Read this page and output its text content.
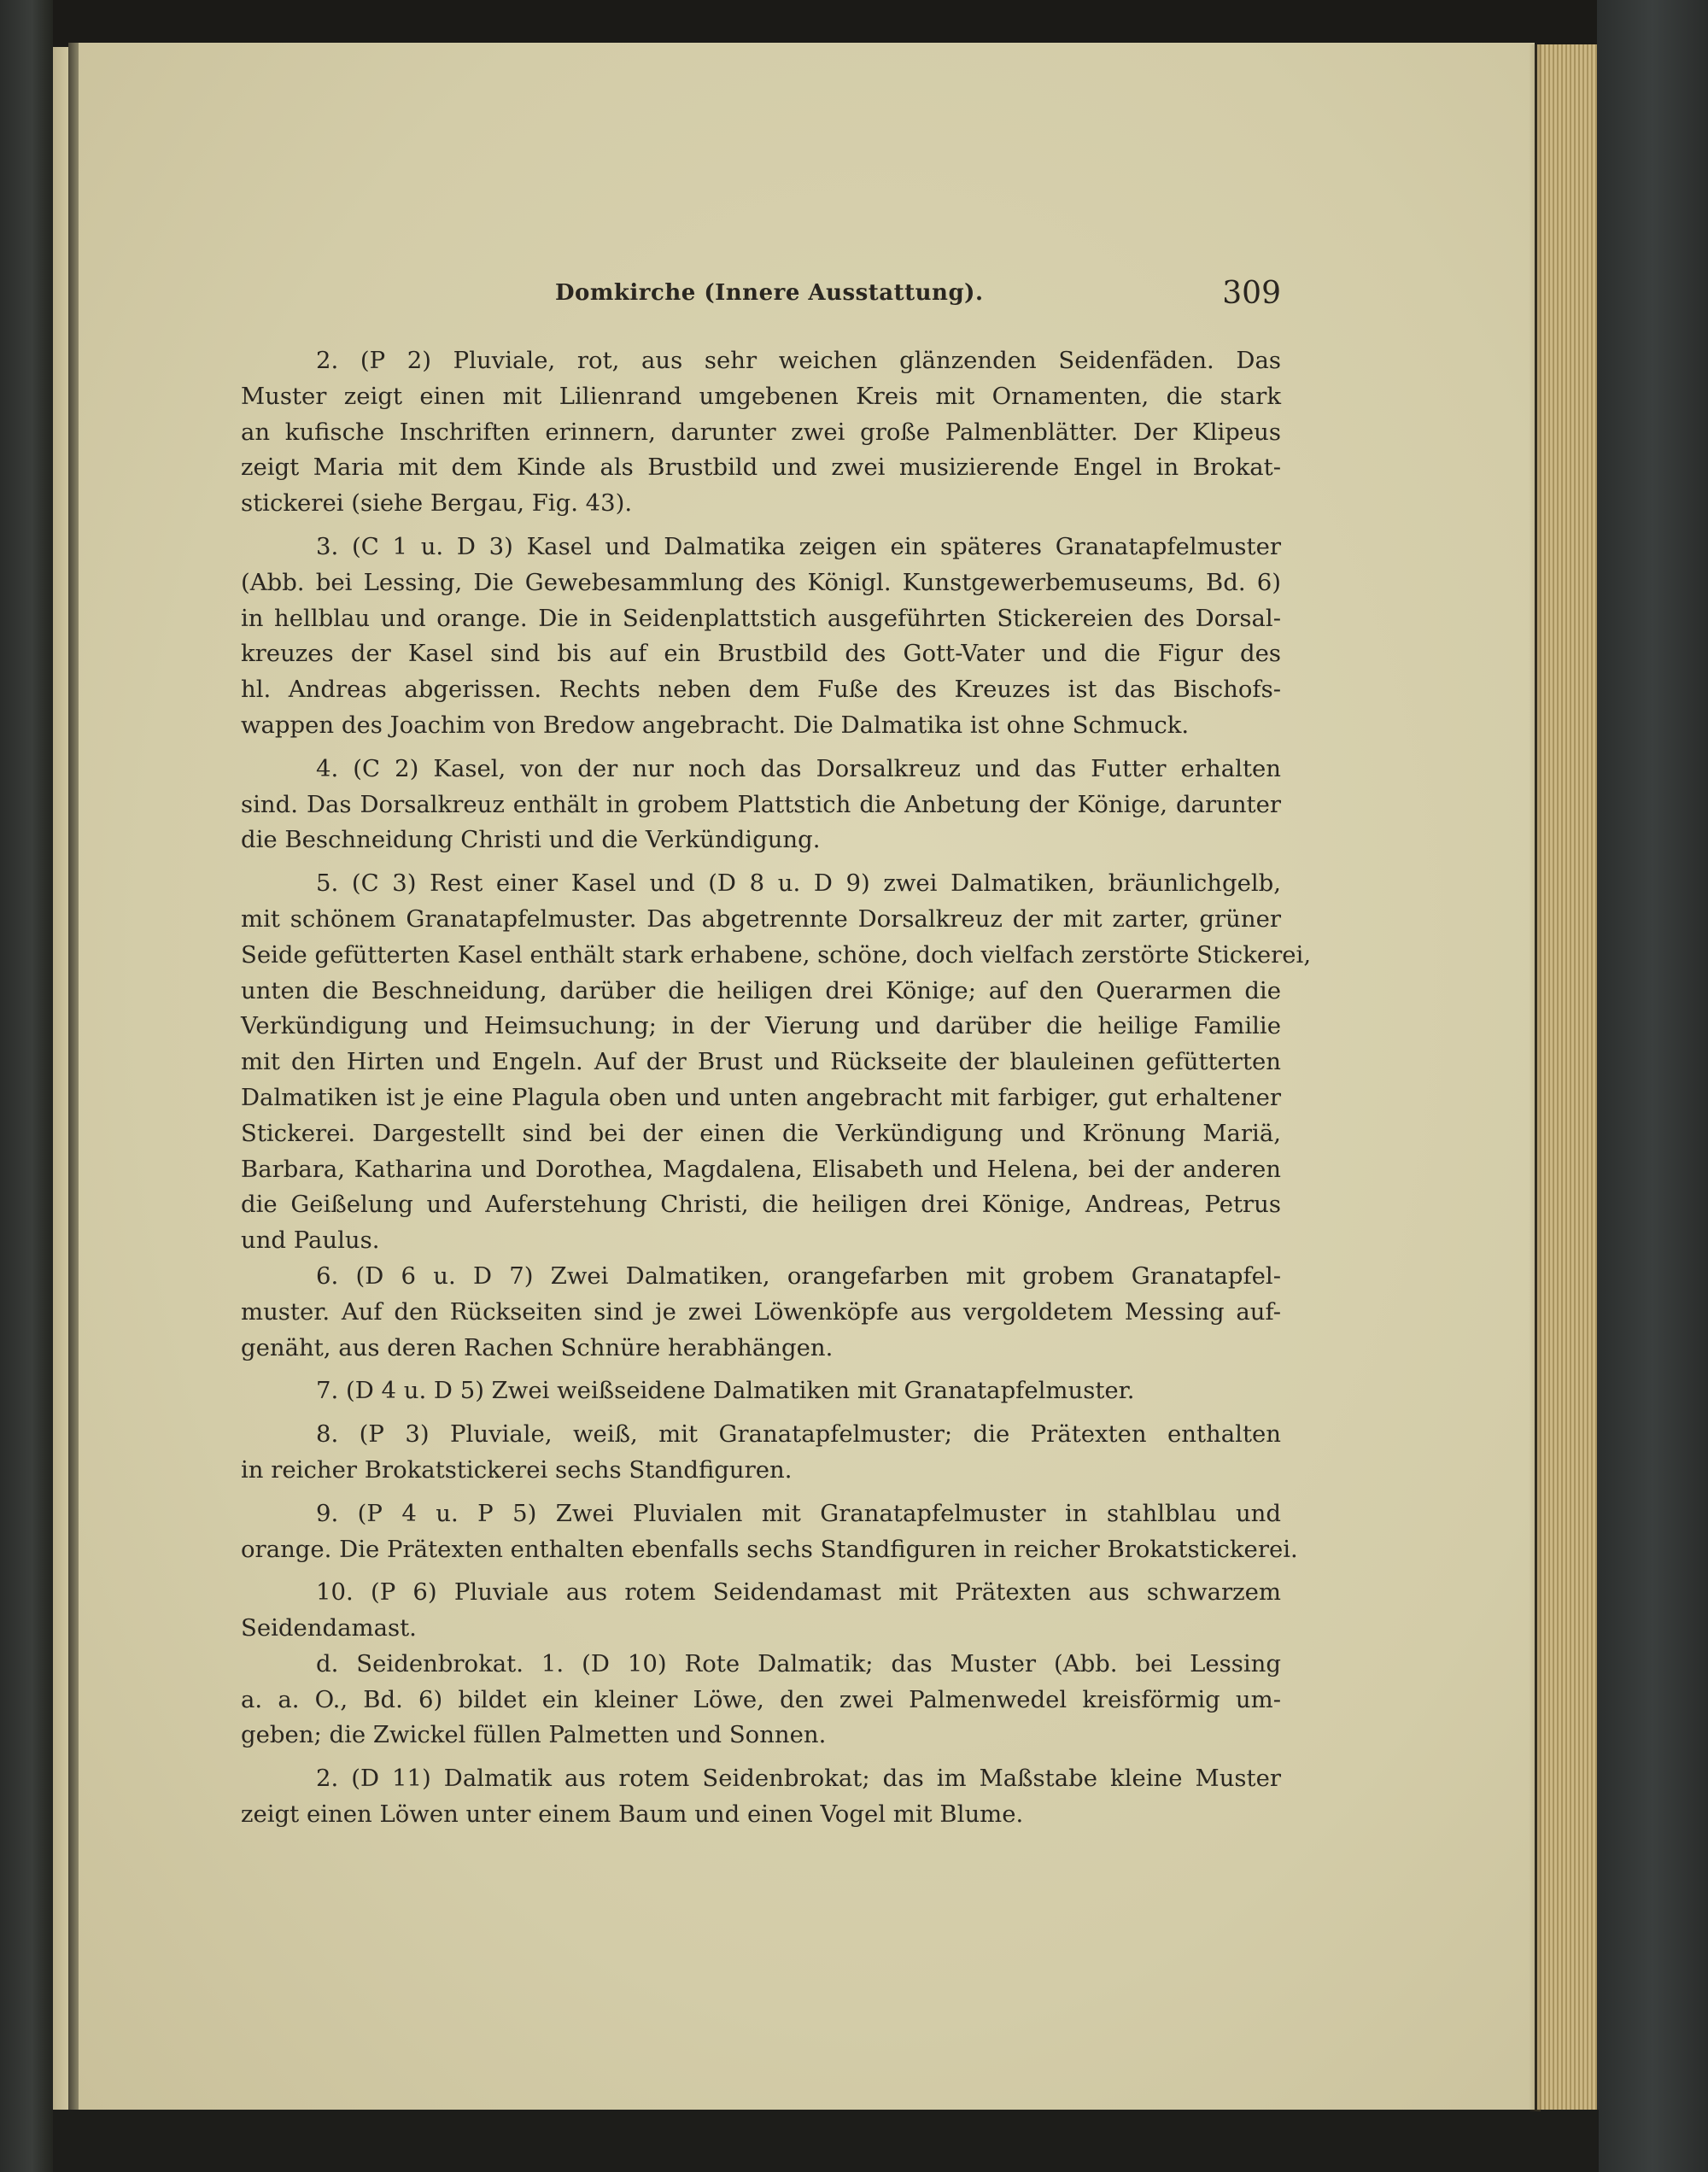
Domkirche (Innere Ausstattung).	309
2. (P 2) Pluviale, rot, aus sehr weichen glänzenden Seidenfäden. Das
Muster zeigt einen mit Lilienrand umgebenen Kreis mit Ornamenten, die stark
an kufische Inschriften erinnern, darunter zwei große Palmenblätter. Der Klipeus
zeigt Maria mit dem Kinde als Brustbild und zwei musizierende Engel in Brokat-
stickerei (siehe Bergau, Fig. 43).
3. (C 1 u. D 3) Kasel und Dalmatika zeigen ein späteres Granatapfelmuster
(Abb. bei Lessing, Die Gewebesammlung des Königl. Kunstgewerbemuseums, Bd. 6)
in hellblau und orange. Die in Seidenplattstich ausgeführten Stickereien des Dorsal-
kreuzes der Kasel sind bis auf ein Brustbild des Gott-Vater und die Figur des
hl. Andreas abgerissen. Rechts neben dem Fuße des Kreuzes ist das Bischofs-
wappen des Joachim von Bredow angebracht. Die Dalmatika ist ohne Schmuck.
4. (C 2) Kasel, von der nur noch das Dorsalkreuz und das Futter erhalten
sind. Das Dorsalkreuz enthält in grobem Plattstich die Anbetung der Könige, darunter
die Beschneidung Christi und die Verkündigung.
5. (C 3) Rest einer Kasel und (D 8 u. D 9) zwei Dalmatiken, bräunlichgelb,
mit schönem Granatapfelmuster. Das abgetrennte Dorsalkreuz der mit zarter, grüner
Seide gefütterten Kasel enthält stark erhabene, schöne, doch vielfach zerstörte Stickerei,
unten die Beschneidung, darüber die heiligen drei Könige; auf den Querarmen die
Verkündigung und Heimsuchung; in der Vierung und darüber die heilige Familie
mit den Hirten und Engeln. Auf der Brust und Rückseite der blauleinen gefütterten
Dalmatiken ist je eine Plagula oben und unten angebracht mit farbiger, gut erhaltener
Stickerei. Dargestellt sind bei der einen die Verkündigung und Krönung Mariä,
Barbara, Katharina und Dorothea, Magdalena, Elisabeth und Helena, bei der anderen
die Geißelung und Auferstehung Christi, die heiligen drei Könige, Andreas, Petrus
und Paulus.
6. (D 6 u. D 7) Zwei Dalmatiken, orangefarben mit grobem Granatapfel-
muster. Auf den Rückseiten sind je zwei Löwenköpfe aus vergoldetem Messing auf-
genäht, aus deren Rachen Schnüre herabhängen.
7. (D 4 u. D 5) Zwei weißseidene Dalmatiken mit Granatapfelmuster.
8. (P 3) Pluviale, weiß, mit Granatapfelmuster; die Prätexten enthalten
in reicher Brokatstickerei sechs Standfiguren.
9. (P 4 u. P 5) Zwei Pluvialen mit Granatapfelmuster in stahlblau und
orange. Die Prätexten enthalten ebenfalls sechs Standfiguren in reicher Brokatstickerei.
10. (P 6) Pluviale aus rotem Seidendamast mit Prätexten aus schwarzem
Seidendamast.
d. Seidenbrokat. 1. (D 10) Rote Dalmatik; das Muster (Abb. bei Lessing
a. a. O., Bd. 6) bildet ein kleiner Löwe, den zwei Palmenwedel kreisförmig um-
geben; die Zwickel füllen Palmetten und Sonnen.
2. (D 11) Dalmatik aus rotem Seidenbrokat; das im Maßstabe kleine Muster
zeigt einen Löwen unter einem Baum und einen Vogel mit Blume.
